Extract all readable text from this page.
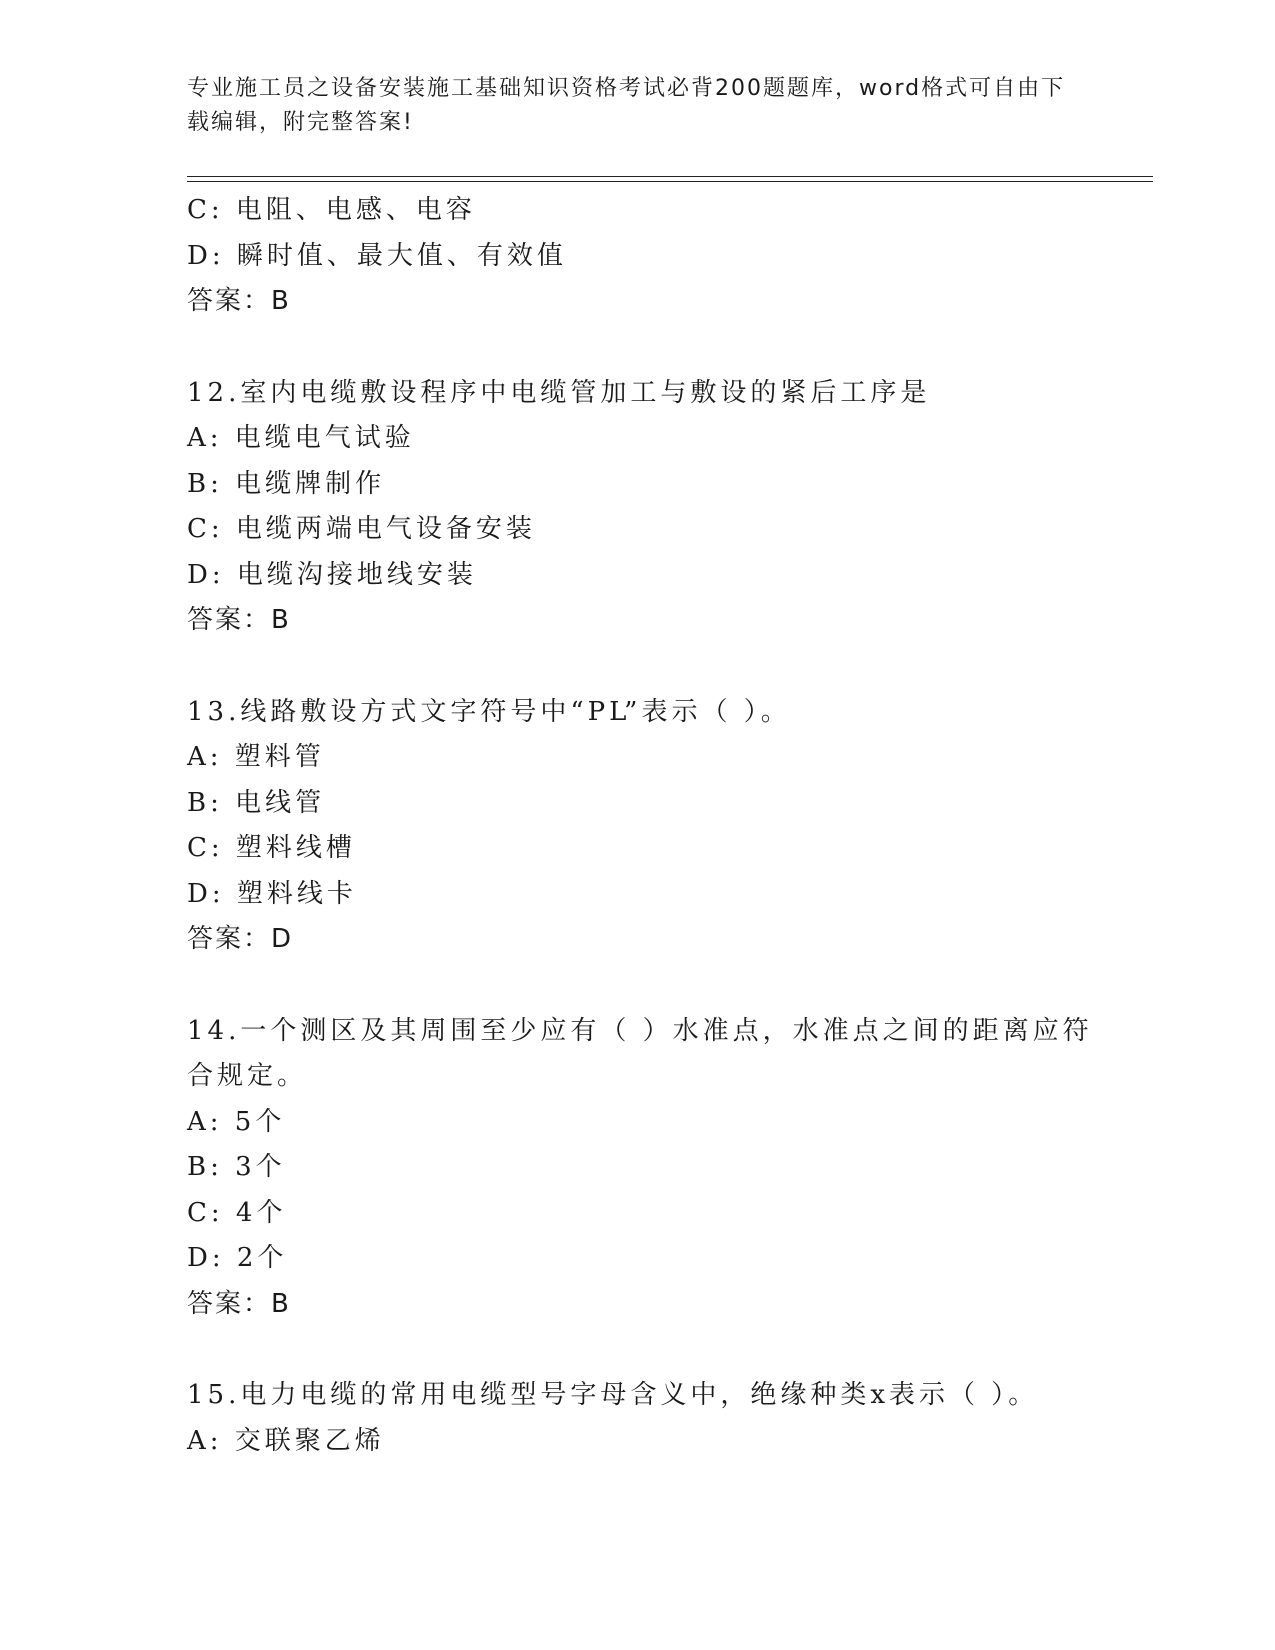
专业施工员之设备安装施工基础知识资格考试必背200题题库，word格式可自由下载编辑，附完整答案!
C: 电阻、电感、电容
D: 瞬时值、最大值、有效值
答案：B
12.室内电缆敷设程序中电缆管加工与敷设的紧后工序是
A: 电缆电气试验
B: 电缆牌制作
C: 电缆两端电气设备安装
D: 电缆沟接地线安装
答案：B
13.线路敷设方式文字符号中“PL”表示（ ）。
A: 塑料管
B: 电线管
C: 塑料线槽
D: 塑料线卡
答案：D
14.一个测区及其周围至少应有（ ）水准点，水准点之间的距离应符
合规定。
A: 5个
B: 3个
C: 4个
D: 2个
答案：B
15.电力电缆的常用电缆型号字母含义中，绝缘种类x表示（ ）。
A: 交联聚乙烯
